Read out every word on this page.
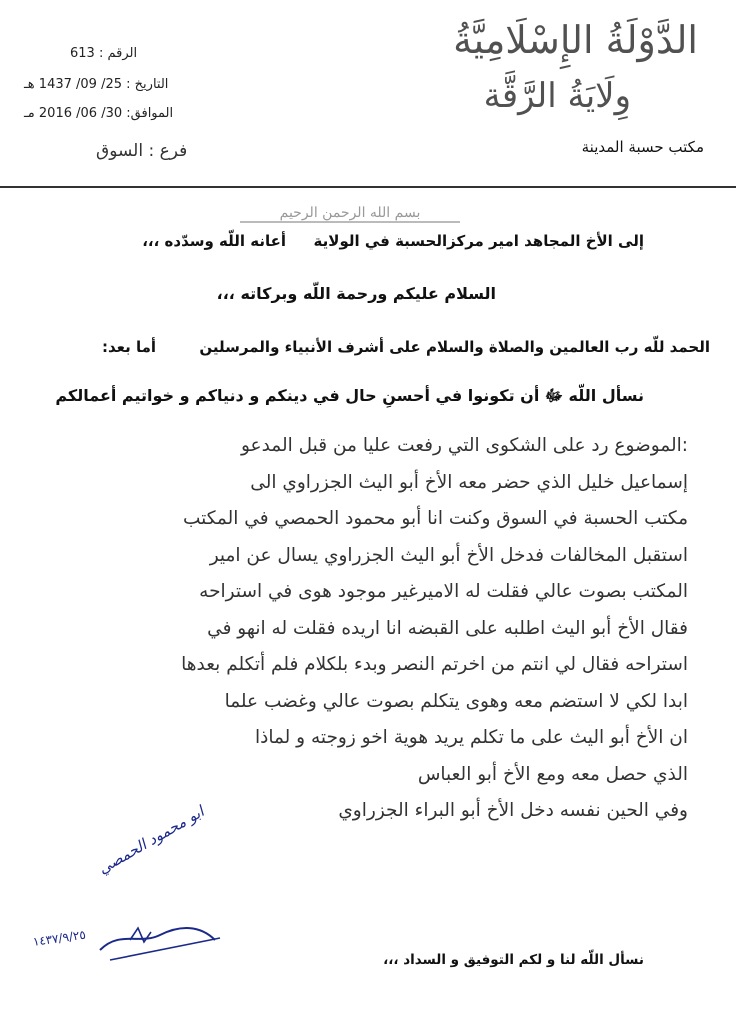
الدَّوْلَةُ الإِسْلَامِيَّةُ
وِلَايَةُ الرَّقَّة
مكتب حسبة المدينة
الرقم : 613
التاريخ : 25/ 09/ 1437 هـ
الموافق: 30/ 06/ 2016 مـ
فرع : السوق
بسم الله الرحمن الرحيم
إلى الأخ المجاهد امير مركزالحسبة في الولاية
أعانه اللّه وسدّده ،،،
السلام عليكم ورحمة اللّه وبركاته ،،،
الحمد للّه رب العالمين والصلاة والسلام على أشرف الأنبياء والمرسلين
أما بعد:
نسأل اللّه ﷻ أن تكونوا في أحسنِ حال في دينكم و دنياكم و خواتيم أعمالكم
:الموضوع رد على الشكوى التي رفعت عليا من قبل المدعو
إسماعيل خليل الذي حضر معه الأخ أبو اليث الجزراوي الى
مكتب الحسبة في السوق وكنت انا أبو محمود الحمصي في المكتب
استقبل المخالفات فدخل الأخ أبو اليث الجزراوي يسال عن امير
المكتب بصوت عالي فقلت له الاميرغير موجود هوى في استراحه
فقال الأخ أبو اليث اطلبه على القبضه انا اريده فقلت له انهو في
استراحه فقال لي انتم من اخرتم النصر وبدء بلكلام فلم أتكلم بعدها
ابدا لكي لا استضم معه وهوى يتكلم بصوت عالي وغضب علما
ان الأخ أبو اليث على ما تكلم يريد هوية اخو زوجته و لماذا
الذي حصل معه ومع الأخ أبو العباس
وفي الحين نفسه دخل الأخ أبو البراء الجزراوي
ابو محمود الحمصي
١٤٣٧/٩/٢٥
نسأل اللّه لنا و لكم التوفيق و السداد ،،،
